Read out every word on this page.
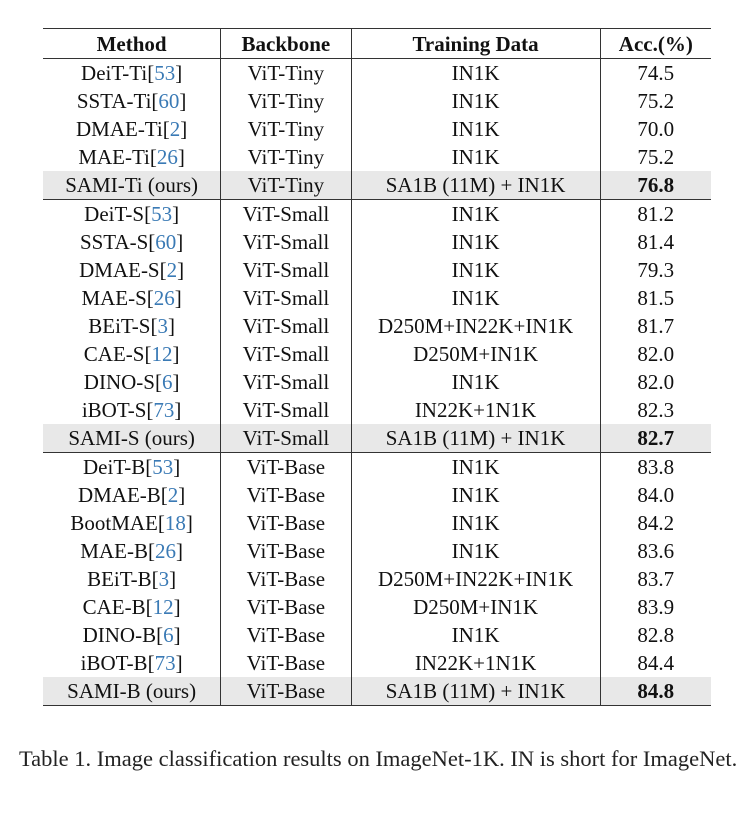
Method	Backbone	Training Data	Acc.(%)
DeiT-Ti[53]	ViT-Tiny	IN1K	74.5
SSTA-Ti[60]	ViT-Tiny	IN1K	75.2
DMAE-Ti[2]	ViT-Tiny	IN1K	70.0
MAE-Ti[26]	ViT-Tiny	IN1K	75.2
SAMI-Ti (ours)	ViT-Tiny	SA1B (11M) + IN1K	76.8
DeiT-S[53]	ViT-Small	IN1K	81.2
SSTA-S[60]	ViT-Small	IN1K	81.4
DMAE-S[2]	ViT-Small	IN1K	79.3
MAE-S[26]	ViT-Small	IN1K	81.5
BEiT-S[3]	ViT-Small	D250M+IN22K+IN1K	81.7
CAE-S[12]	ViT-Small	D250M+IN1K	82.0
DINO-S[6]	ViT-Small	IN1K	82.0
iBOT-S[73]	ViT-Small	IN22K+1N1K	82.3
SAMI-S (ours)	ViT-Small	SA1B (11M) + IN1K	82.7
DeiT-B[53]	ViT-Base	IN1K	83.8
DMAE-B[2]	ViT-Base	IN1K	84.0
BootMAE[18]	ViT-Base	IN1K	84.2
MAE-B[26]	ViT-Base	IN1K	83.6
BEiT-B[3]	ViT-Base	D250M+IN22K+IN1K	83.7
CAE-B[12]	ViT-Base	D250M+IN1K	83.9
DINO-B[6]	ViT-Base	IN1K	82.8
iBOT-B[73]	ViT-Base	IN22K+1N1K	84.4
SAMI-B (ours)	ViT-Base	SA1B (11M) + IN1K	84.8
Table 1. Image classification results on ImageNet-1K. IN is short for ImageNet.
